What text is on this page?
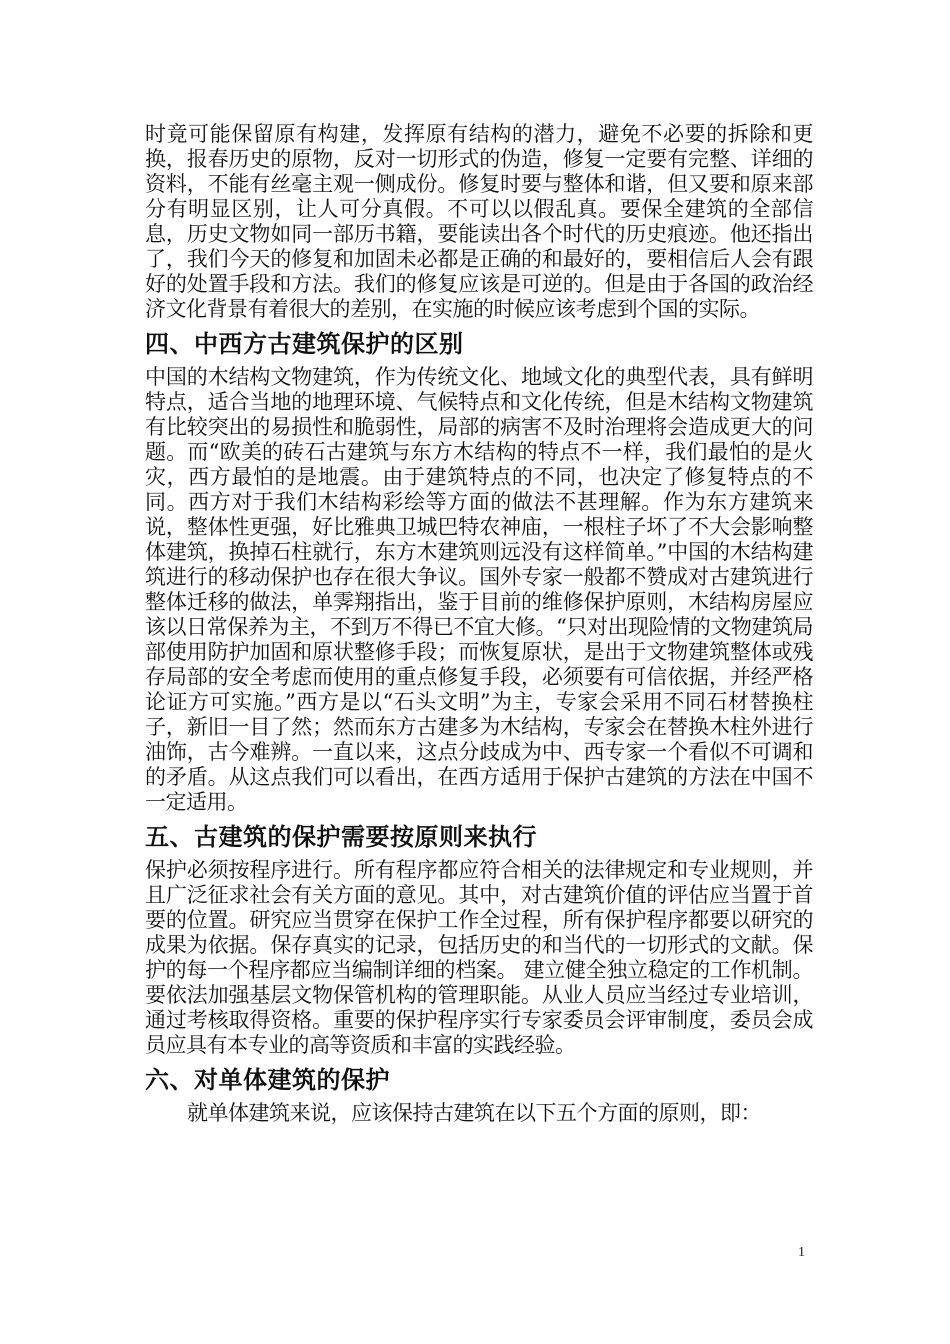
时竟可能保留原有构建，发挥原有结构的潜力，避免不必要的拆除和更换，报春历史的原物，反对一切形式的伪造，修复一定要有完整、详细的资料，不能有丝毫主观一侧成份。修复时要与整体和谐，但又要和原来部分有明显区别，让人可分真假。不可以以假乱真。要保全建筑的全部信息，历史文物如同一部历书籍，要能读出各个时代的历史痕迹。他还指出了，我们今天的修复和加固未必都是正确的和最好的，要相信后人会有跟好的处置手段和方法。我们的修复应该是可逆的。但是由于各国的政治经济文化背景有着很大的差别，在实施的时候应该考虑到个国的实际。

四、中西方古建筑保护的区别

中国的木结构文物建筑，作为传统文化、地域文化的典型代表，具有鲜明特点，适合当地的地理环境、气候特点和文化传统，但是木结构文物建筑有比较突出的易损性和脆弱性，局部的病害不及时治理将会造成更大的问题。而“欧美的砖石古建筑与东方木结构的特点不一样，我们最怕的是火灾，西方最怕的是地震。由于建筑特点的不同，也决定了修复特点的不同。西方对于我们木结构彩绘等方面的做法不甚理解。作为东方建筑来说，整体性更强，好比雅典卫城巴特农神庙，一根柱子坏了不大会影响整体建筑，换掉石柱就行，东方木建筑则远没有这样简单。”中国的木结构建筑进行的移动保护也存在很大争议。国外专家一般都不赞成对古建筑进行整体迁移的做法，单霁翔指出，鉴于目前的维修保护原则，木结构房屋应该以日常保养为主，不到万不得已不宜大修。“只对出现险情的文物建筑局部使用防护加固和原状整修手段；而恢复原状，是出于文物建筑整体或残存局部的安全考虑而使用的重点修复手段，必须要有可信依据，并经严格论证方可实施。”西方是以“石头文明”为主，专家会采用不同石材替换柱子，新旧一目了然；然而东方古建多为木结构，专家会在替换木柱外进行油饰，古今难辨。一直以来，这点分歧成为中、西专家一个看似不可调和的矛盾。从这点我们可以看出，在西方适用于保护古建筑的方法在中国不一定适用。

五、古建筑的保护需要按原则来执行

保护必须按程序进行。所有程序都应符合相关的法律规定和专业规则，并且广泛征求社会有关方面的意见。其中，对古建筑价值的评估应当置于首要的位置。研究应当贯穿在保护工作全过程，所有保护程序都要以研究的成果为依据。保存真实的记录，包括历史的和当代的一切形式的文献。保护的每一个程序都应当编制详细的档案。 建立健全独立稳定的工作机制。要依法加强基层文物保管机构的管理职能。从业人员应当经过专业培训，通过考核取得资格。重要的保护程序实行专家委员会评审制度，委员会成员应具有本专业的高等资质和丰富的实践经验。

六、对单体建筑的保护

就单体建筑来说，应该保持古建筑在以下五个方面的原则，即：

1
